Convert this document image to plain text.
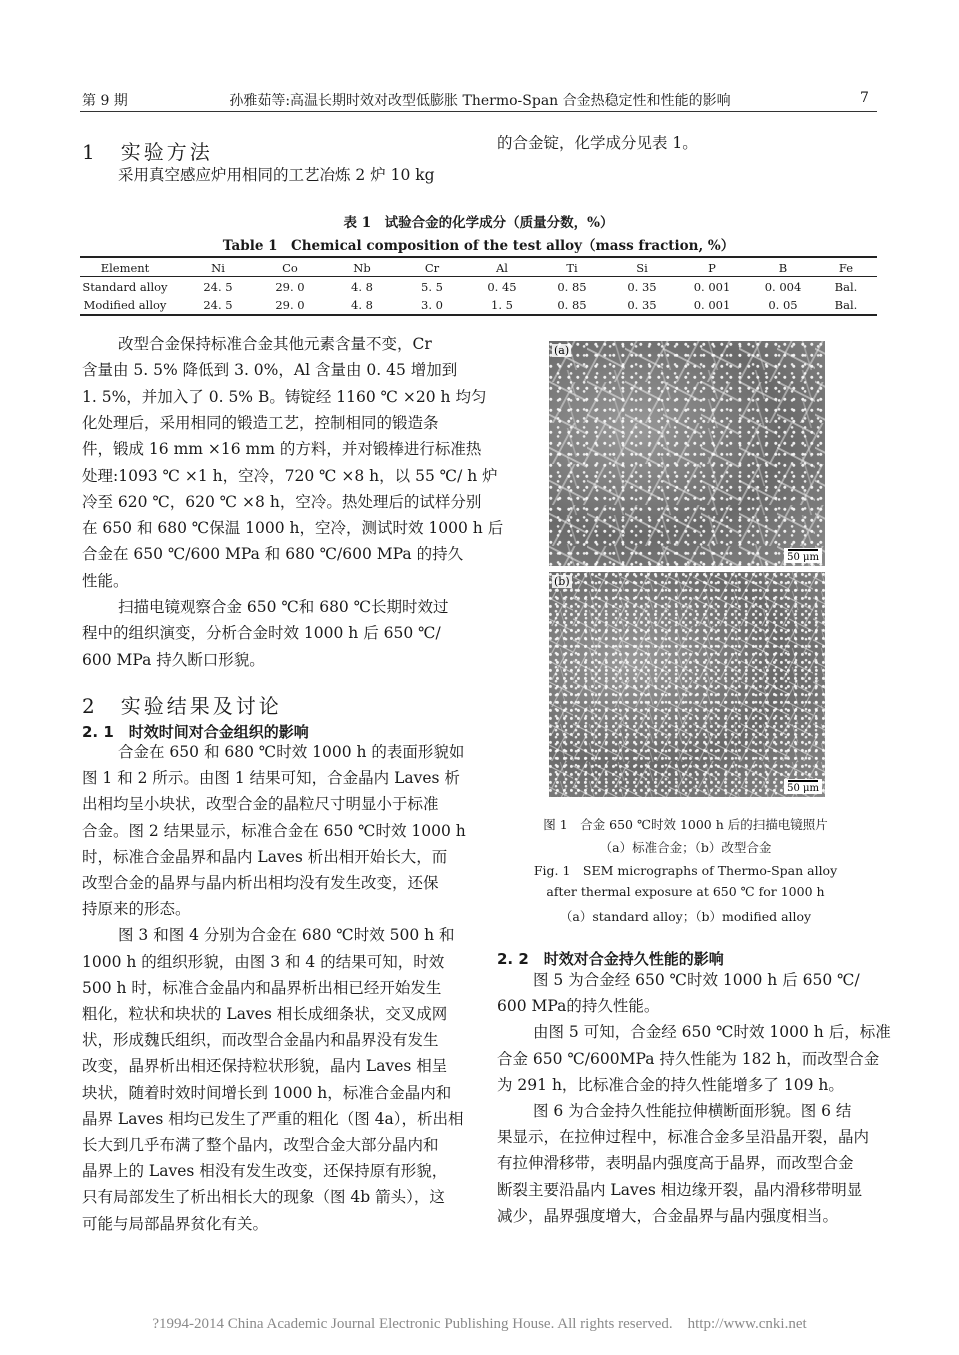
第 9 期	孙雅茹等:高温长期时效对改型低膨胀 Thermo-Span 合金热稳定性和性能的影响	7
1　实验方法
采用真空感应炉用相同的工艺冶炼 2 炉 10 kg
的合金锭，化学成分见表 1。
表 1　试验合金的化学成分（质量分数，%）
Table 1　Chemical composition of the test alloy（mass fraction, %）
Element	Ni	Co	Nb	Cr	Al	Ti	Si	P	B	Fe
Standard alloy	24. 5	29. 0	4. 8	5. 5	0. 45	0. 85	0. 35	0. 001	0. 004	Bal.
Modified alloy	24. 5	29. 0	4. 8	3. 0	1. 5	0. 85	0. 35	0. 001	0. 05	Bal.
改型合金保持标准合金其他元素含量不变，Cr
含量由 5. 5% 降低到 3. 0%，Al 含量由 0. 45 增加到
1. 5%，并加入了 0. 5% B。铸锭经 1160 ℃ ×20 h 均匀
化处理后，采用相同的锻造工艺，控制相同的锻造条
件，锻成 16 mm ×16 mm 的方料，并对锻棒进行标准热
处理:1093 ℃ ×1 h，空冷，720 ℃ ×8 h，以 55 ℃/ h 炉
冷至 620 ℃，620 ℃ ×8 h，空冷。热处理后的试样分别
在 650 和 680 ℃保温 1000 h，空冷，测试时效 1000 h 后
合金在 650 ℃/600 MPa 和 680 ℃/600 MPa 的持久
性能。
扫描电镜观察合金 650 ℃和 680 ℃长期时效过
程中的组织演变，分析合金时效 1000 h 后 650 ℃/
600 MPa 持久断口形貌。
2　实验结果及讨论
2. 1　时效时间对合金组织的影响
合金在 650 和 680 ℃时效 1000 h 的表面形貌如
图 1 和 2 所示。由图 1 结果可知，合金晶内 Laves 析
出相均呈小块状，改型合金的晶粒尺寸明显小于标准
合金。图 2 结果显示，标准合金在 650 ℃时效 1000 h
时，标准合金晶界和晶内 Laves 析出相开始长大，而
改型合金的晶界与晶内析出相均没有发生改变，还保
持原来的形态。
图 3 和图 4 分别为合金在 680 ℃时效 500 h 和
1000 h 的组织形貌，由图 3 和 4 的结果可知，时效
500 h 时，标准合金晶内和晶界析出相已经开始发生
粗化，粒状和块状的 Laves 相长成细条状，交叉成网
状，形成魏氏组织，而改型合金晶内和晶界没有发生
改变，晶界析出相还保持粒状形貌，晶内 Laves 相呈
块状，随着时效时间增长到 1000 h，标准合金晶内和
晶界 Laves 相均已发生了严重的粗化（图 4a），析出相
长大到几乎布满了整个晶内，改型合金大部分晶内和
晶界上的 Laves 相没有发生改变，还保持原有形貌，
只有局部发生了析出相长大的现象（图 4b 箭头），这
可能与局部晶界贫化有关。
(a)
50 μm
(b)
50 μm
图 1　合金 650 ℃时效 1000 h 后的扫描电镜照片
（a）标准合金；（b）改型合金
Fig. 1　SEM micrographs of Thermo-Span alloy
after thermal exposure at 650 ℃ for 1000 h
（a）standard alloy；（b）modified alloy
2. 2　时效对合金持久性能的影响
图 5 为合金经 650 ℃时效 1000 h 后 650 ℃/
600 MPa的持久性能。
由图 5 可知，合金经 650 ℃时效 1000 h 后，标准
合金 650 ℃/600MPa 持久性能为 182 h，而改型合金
为 291 h，比标准合金的持久性能增多了 109 h。
图 6 为合金持久性能拉伸横断面形貌。图 6 结
果显示，在拉伸过程中，标准合金多呈沿晶开裂，晶内
有拉伸滑移带，表明晶内强度高于晶界，而改型合金
断裂主要沿晶内 Laves 相边缘开裂，晶内滑移带明显
减少，晶界强度增大，合金晶界与晶内强度相当。
?1994-2014 China Academic Journal Electronic Publishing House. All rights reserved.　http://www.cnki.net
